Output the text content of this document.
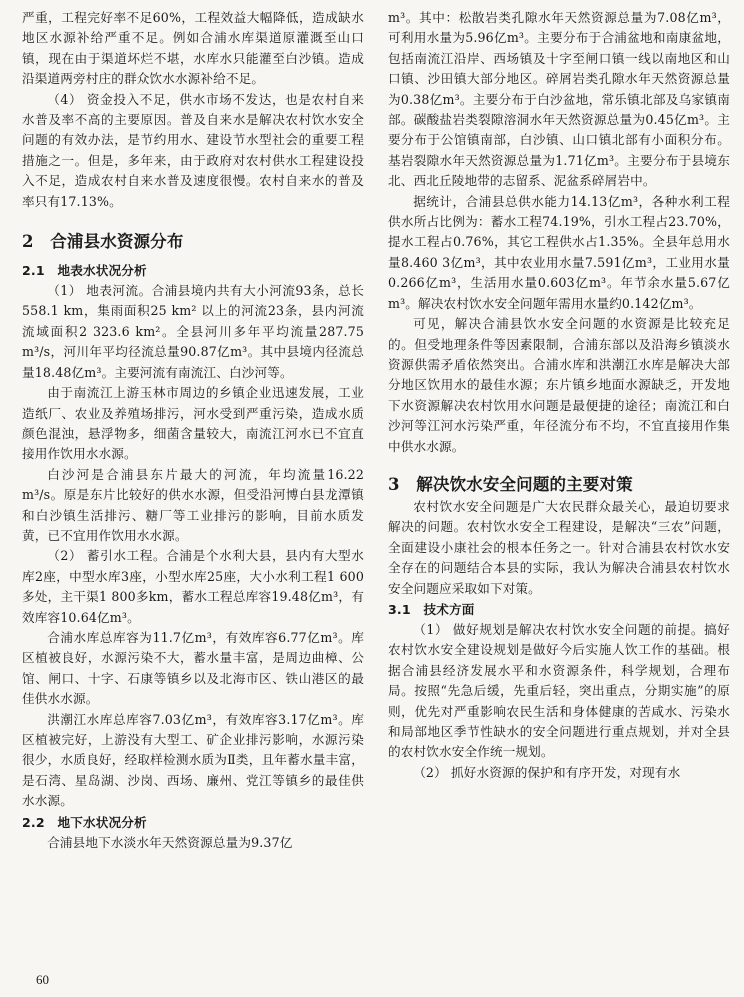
严重，工程完好率不足60%，工程效益大幅降低，造成缺水地区水源补给严重不足。例如合浦水库渠道原灌溉至山口镇，现在由于渠道坏烂不堪，水库水只能灌至白沙镇。造成沿渠道两旁村庄的群众饮水水源补给不足。

（4） 资金投入不足，供水市场不发达，也是农村自来水普及率不高的主要原因。普及自来水是解决农村饮水安全问题的有效办法，是节约用水、建设节水型社会的重要工程措施之一。但是，多年来，由于政府对农村供水工程建设投入不足，造成农村自来水普及速度很慢。农村自来水的普及率只有17.13%。

2　合浦县水资源分布
2.1　地表水状况分析

（1） 地表河流。合浦县境内共有大小河流93条，总长558.1 km，集雨面积25 km² 以上的河流23条，县内河流流域面积2 323.6 km²。全县河川多年平均流量287.75 m³/s，河川年平均径流总量90.87亿m³。其中县境内径流总量18.48亿m³。主要河流有南流江、白沙河等。

由于南流江上游玉林市周边的乡镇企业迅速发展，工业造纸厂、农业及养殖场排污，河水受到严重污染，造成水质颜色混浊，悬浮物多，细菌含量较大，南流江河水已不宜直接用作饮用水水源。

白沙河是合浦县东片最大的河流，年均流量16.22 m³/s。原是东片比较好的供水水源，但受沿河博白县龙潭镇和白沙镇生活排污、糖厂等工业排污的影响，目前水质发黄，已不宜用作饮用水水源。

（2） 蓄引水工程。合浦是个水利大县，县内有大型水库2座，中型水库3座，小型水库25座，大小水利工程1 600多处，主干渠1 800多km，蓄水工程总库容19.48亿m³，有效库容10.64亿m³。

合浦水库总库容为11.7亿m³，有效库容6.77亿m³。库区植被良好，水源污染不大，蓄水量丰富，是周边曲樟、公馆、闸口、十字、石康等镇乡以及北海市区、铁山港区的最佳供水水源。

洪潮江水库总库容7.03亿m³，有效库容3.17亿m³。库区植被完好，上游没有大型工、矿企业排污影响，水源污染很少，水质良好，经取样检测水质为Ⅱ类，且年蓄水量丰富，是石湾、星岛湖、沙岗、西场、廉州、党江等镇乡的最佳供水水源。

2.2　地下水状况分析

合浦县地下水淡水年天然资源总量为9.37亿

m³。其中：松散岩类孔隙水年天然资源总量为7.08亿m³，可利用水量为5.96亿m³。主要分布于合浦盆地和南康盆地，包括南流江沿岸、西场镇及十字至闸口镇一线以南地区和山口镇、沙田镇大部分地区。碎屑岩类孔隙水年天然资源总量为0.38亿m³。主要分布于白沙盆地，常乐镇北部及乌家镇南部。碳酸盐岩类裂隙溶洞水年天然资源总量为0.45亿m³。主要分布于公馆镇南部，白沙镇、山口镇北部有小面积分布。基岩裂隙水年天然资源总量为1.71亿m³。主要分布于县境东北、西北丘陵地带的志留系、泥盆系碎屑岩中。

据统计，合浦县总供水能力14.13亿m³，各种水利工程供水所占比例为：蓄水工程74.19%，引水工程占23.70%，提水工程占0.76%，其它工程供水占1.35%。全县年总用水量8.460 3亿m³，其中农业用水量7.591亿m³，工业用水量0.266亿m³，生活用水量0.603亿m³。年节余水量5.67亿m³。解决农村饮水安全问题年需用水量约0.142亿m³。

可见，解决合浦县饮水安全问题的水资源是比较充足的。但受地理条件等因素限制，合浦东部以及沿海乡镇淡水资源供需矛盾依然突出。合浦水库和洪潮江水库是解决大部分地区饮用水的最佳水源；东片镇乡地面水源缺乏，开发地下水资源解决农村饮用水问题是最便捷的途径；南流江和白沙河等江河水污染严重，年径流分布不均，不宜直接用作集中供水水源。

3　解决饮水安全问题的主要对策

农村饮水安全问题是广大农民群众最关心，最迫切要求解决的问题。农村饮水安全工程建设，是解决“三农”问题，全面建设小康社会的根本任务之一。针对合浦县农村饮水安全存在的问题结合本县的实际，我认为解决合浦县农村饮水安全问题应采取如下对策。

3.1　技术方面

（1） 做好规划是解决农村饮水安全问题的前提。搞好农村饮水安全建设规划是做好今后实施人饮工作的基础。根据合浦县经济发展水平和水资源条件，科学规划，合理布局。按照“先急后缓，先重后轻，突出重点，分期实施”的原则，优先对严重影响农民生活和身体健康的苦咸水、污染水和局部地区季节性缺水的安全问题进行重点规划，并对全县的农村饮水安全作统一规划。

（2） 抓好水资源的保护和有序开发，对现有水

60
